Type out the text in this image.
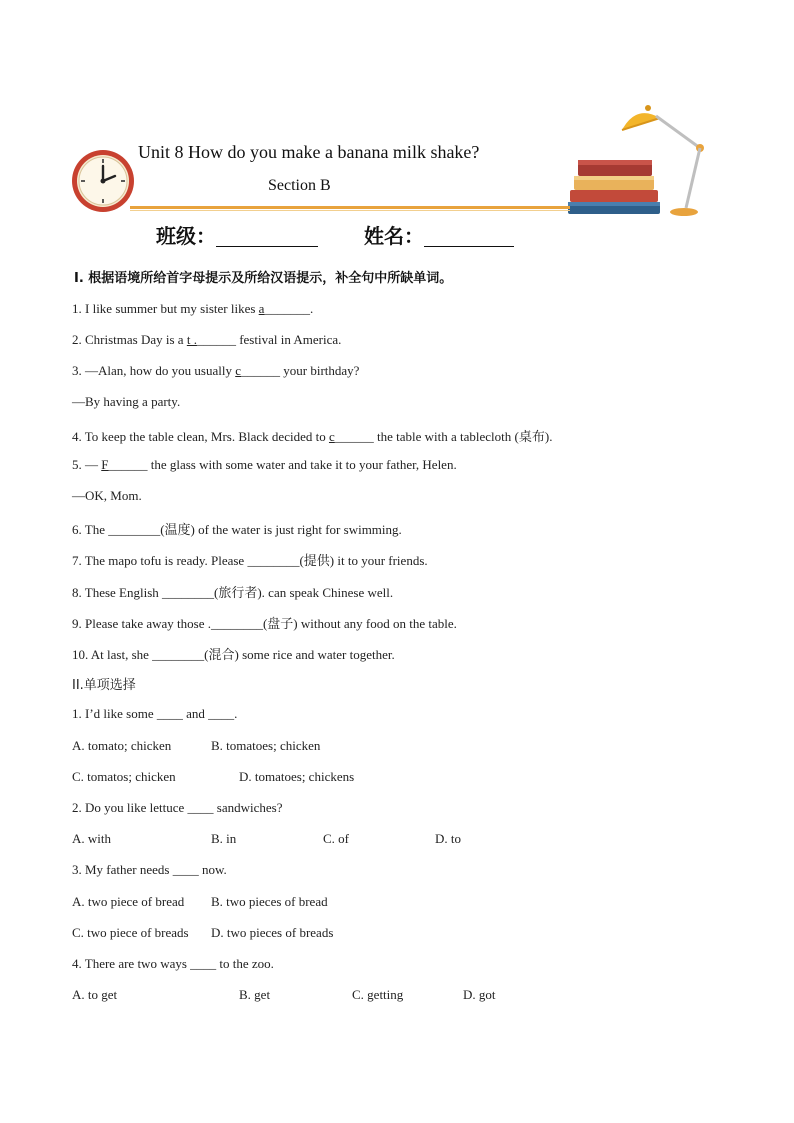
Unit 8 How do you make a banana milk shake?
Section B
班级：	姓名：
Ⅰ. 根据语境所给首字母提示及所给汉语提示，补全句中所缺单词。
1. I like summer but my sister likes a_______.
2. Christmas Day is a t .______ festival in America.
3. —Alan, how do you usually c______ your birthday?
—By having a party.
4. To keep the table clean, Mrs. Black decided to c______ the table with a tablecloth (桌布).
5. — F______ the glass with some water and take it to your father, Helen.
—OK, Mom.
6. The ________(温度) of the water is just right for swimming.
7. The mapo tofu is ready. Please ________(提供) it to your friends.
8. These English ________(旅行者). can speak Chinese well.
9. Please take away those .________(盘子) without any food on the table.
10. At last, she ________(混合) some rice and water together.
II.单项选择
1. I’d like some ____ and ____.
A. tomato; chicken	B. tomatoes; chicken
C. tomatos; chicken	D. tomatoes; chickens
2. Do you like lettuce ____ sandwiches?
A. with	B. in	C. of	D. to
3. My father needs ____ now.
A. two piece of bread B. two pieces of bread
C. two piece of breads D. two pieces of breads
4. There are two ways ____ to the zoo.
A. to get	B. get	C. getting	D. got
